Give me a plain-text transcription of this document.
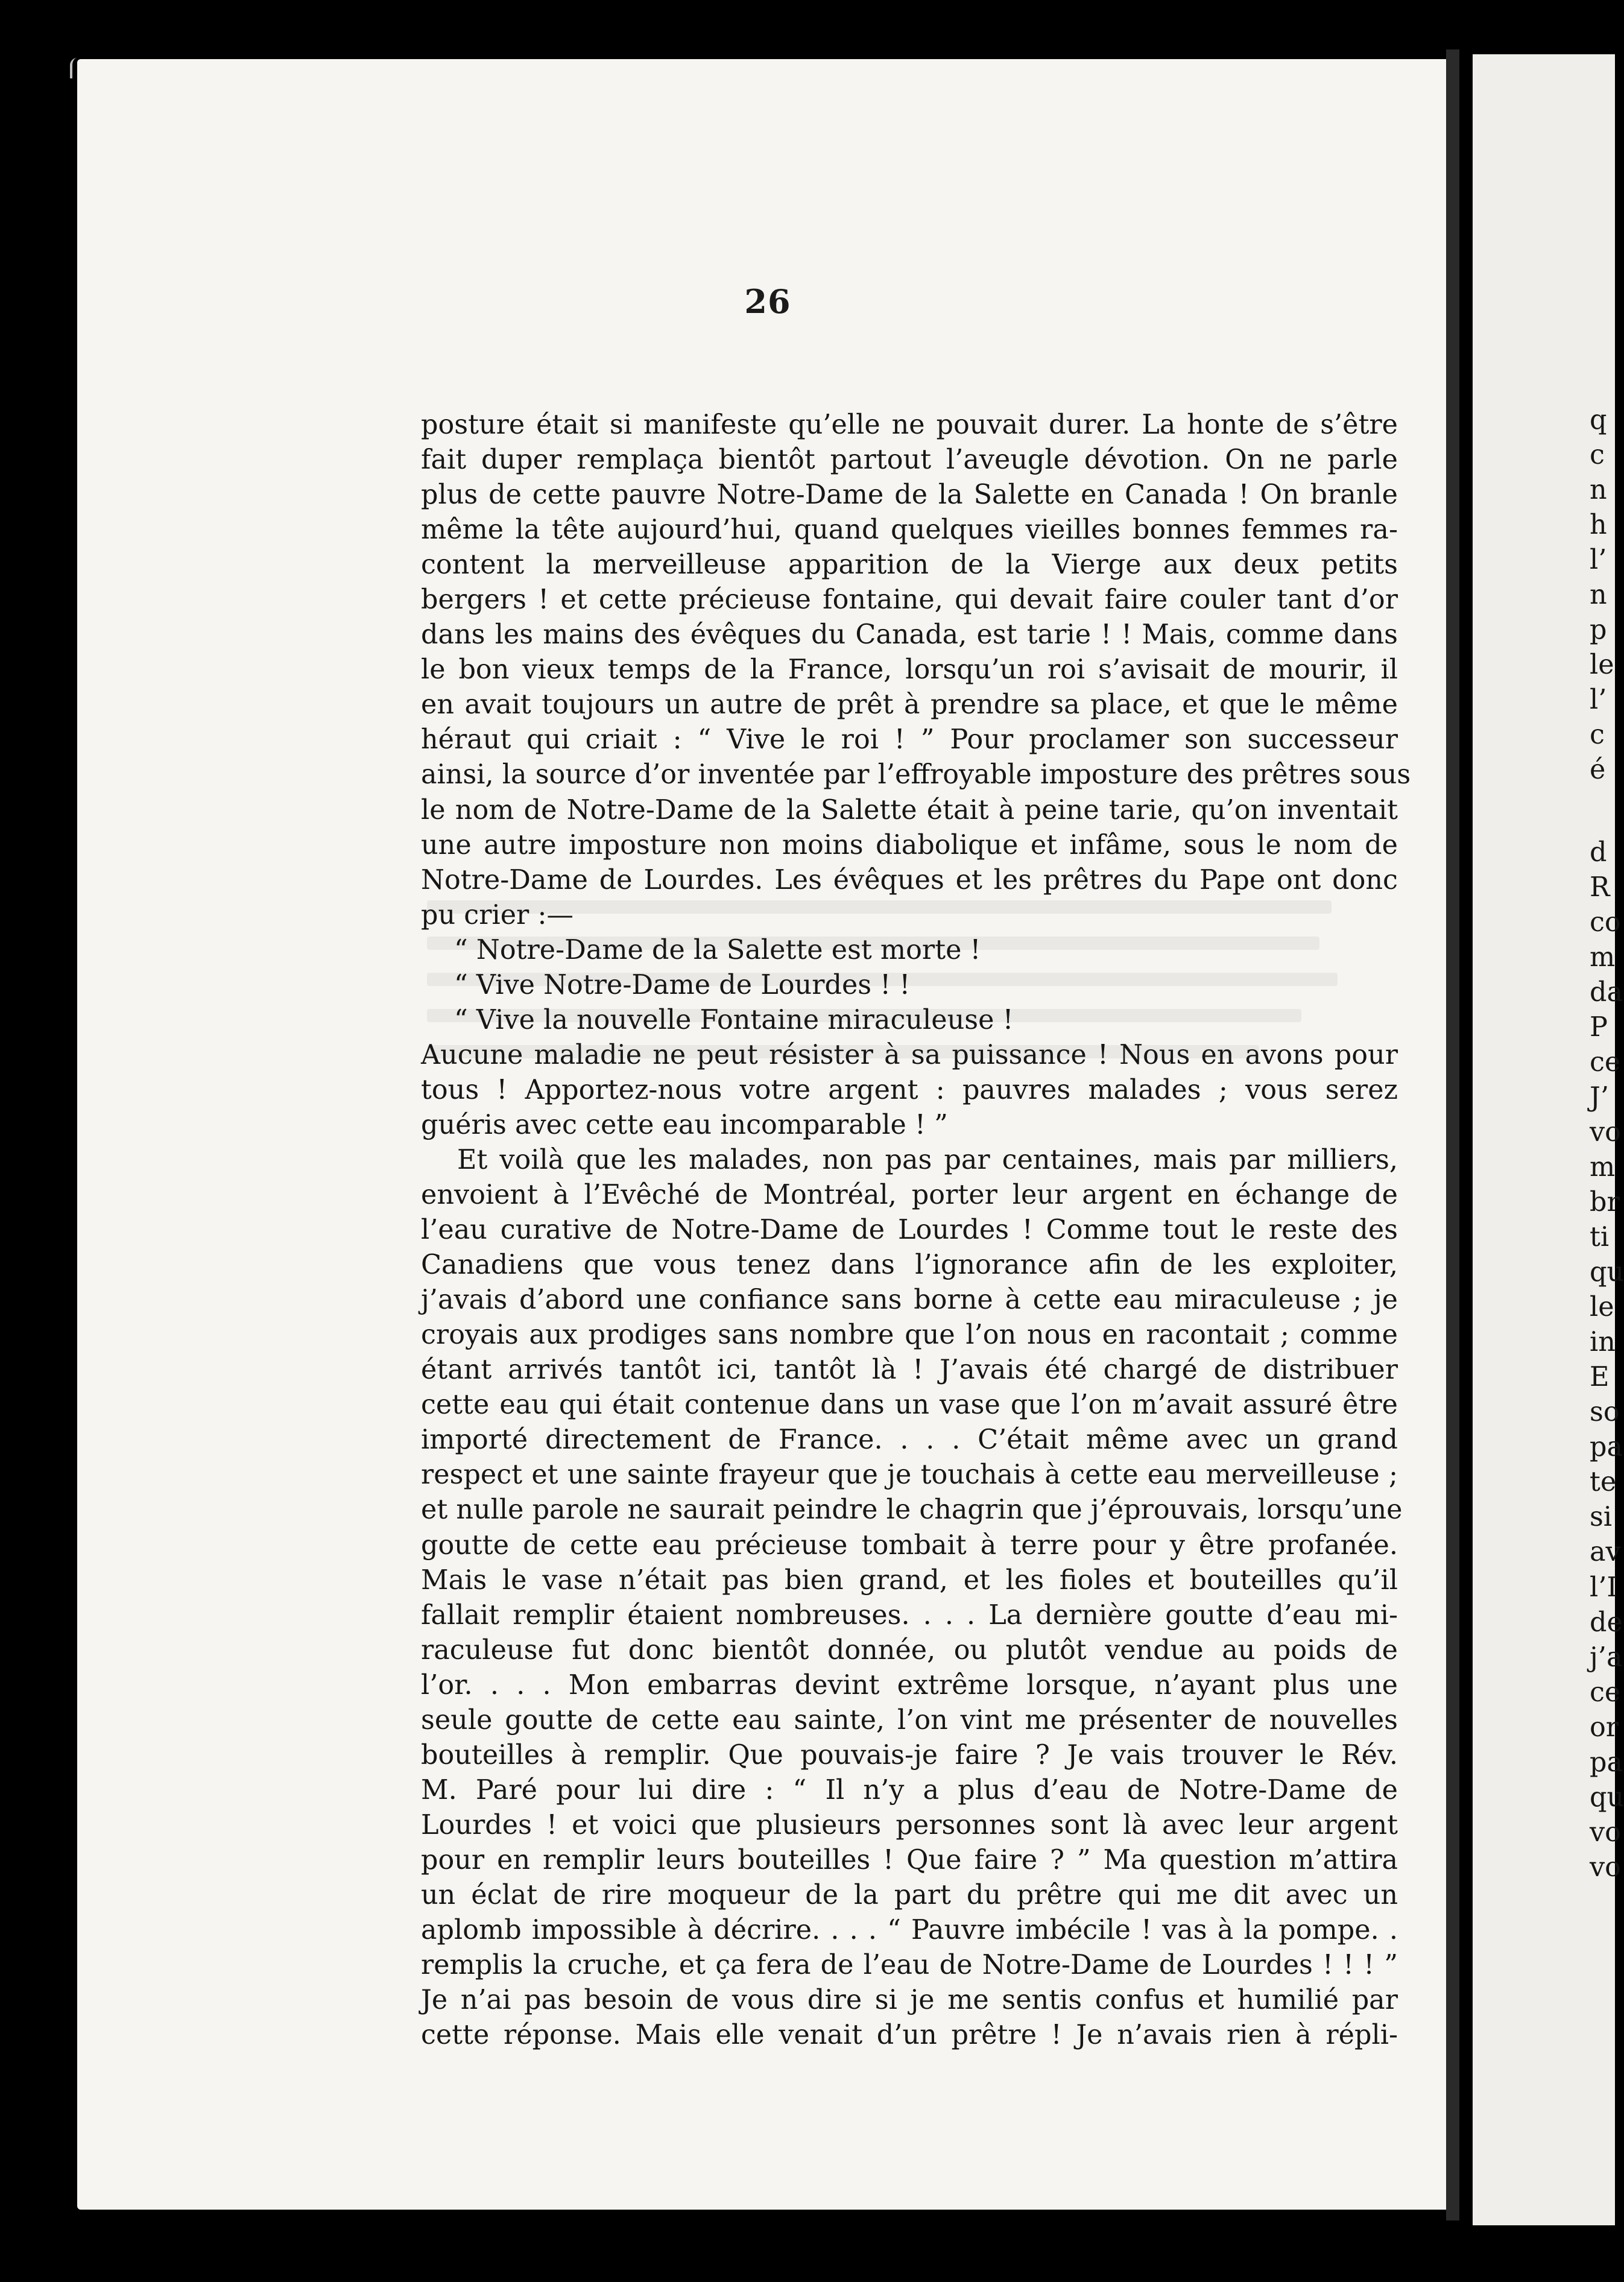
26
posture était si manifeste qu’elle ne pouvait durer. La honte de s’être
fait duper remplaça bientôt partout l’aveugle dévotion. On ne parle
plus de cette pauvre Notre-Dame de la Salette en Canada ! On branle
même la tête aujourd’hui, quand quelques vieilles bonnes femmes ra-
content la merveilleuse apparition de la Vierge aux deux petits
bergers ! et cette précieuse fontaine, qui devait faire couler tant d’or
dans les mains des évêques du Canada, est tarie ! ! Mais, comme dans
le bon vieux temps de la France, lorsqu’un roi s’avisait de mourir, il
en avait toujours un autre de prêt à prendre sa place, et que le même
héraut qui criait : “ Vive le roi ! ” Pour proclamer son successeur
ainsi, la source d’or inventée par l’effroyable imposture des prêtres sous
le nom de Notre-Dame de la Salette était à peine tarie, qu’on inventait
une autre imposture non moins diabolique et infâme, sous le nom de
Notre-Dame de Lourdes. Les évêques et les prêtres du Pape ont donc
pu crier :—
“ Notre-Dame de la Salette est morte !
“ Vive Notre-Dame de Lourdes ! !
“ Vive la nouvelle Fontaine miraculeuse !
Aucune maladie ne peut résister à sa puissance ! Nous en avons pour
tous ! Apportez-nous votre argent : pauvres malades ; vous serez
guéris avec cette eau incomparable ! ”
Et voilà que les malades, non pas par centaines, mais par milliers,
envoient à l’Evêché de Montréal, porter leur argent en échange de
l’eau curative de Notre-Dame de Lourdes ! Comme tout le reste des
Canadiens que vous tenez dans l’ignorance afin de les exploiter,
j’avais d’abord une confiance sans borne à cette eau miraculeuse ; je
croyais aux prodiges sans nombre que l’on nous en racontait ; comme
étant arrivés tantôt ici, tantôt là ! J’avais été chargé de distribuer
cette eau qui était contenue dans un vase que l’on m’avait assuré être
importé directement de France. . . . C’était même avec un grand
respect et une sainte frayeur que je touchais à cette eau merveilleuse ;
et nulle parole ne saurait peindre le chagrin que j’éprouvais, lorsqu’une
goutte de cette eau précieuse tombait à terre pour y être profanée.
Mais le vase n’était pas bien grand, et les fioles et bouteilles qu’il
fallait remplir étaient nombreuses. . . . La dernière goutte d’eau mi-
raculeuse fut donc bientôt donnée, ou plutôt vendue au poids de
l’or. . . . Mon embarras devint extrême lorsque, n’ayant plus une
seule goutte de cette eau sainte, l’on vint me présenter de nouvelles
bouteilles à remplir. Que pouvais-je faire ? Je vais trouver le Rév.
M. Paré pour lui dire : “ Il n’y a plus d’eau de Notre-Dame de
Lourdes ! et voici que plusieurs personnes sont là avec leur argent
pour en remplir leurs bouteilles ! Que faire ? ” Ma question m’attira
un éclat de rire moqueur de la part du prêtre qui me dit avec un
aplomb impossible à décrire. . . . “ Pauvre imbécile ! vas à la pompe. .
remplis la cruche, et ça fera de l’eau de Notre-Dame de Lourdes ! ! ! ”
Je n’ai pas besoin de vous dire si je me sentis confus et humilié par
cette réponse. Mais elle venait d’un prêtre ! Je n’avais rien à répli-
q
c
n
h
l’
n
p
le
l’
c
é
d
R
co
m
da
P
ce
J’
vo
m
br
ti
qu
le
in
E
so
pa
te
si
av
l’I
de
j’a
ce
or
pa
qu
vo
vo
